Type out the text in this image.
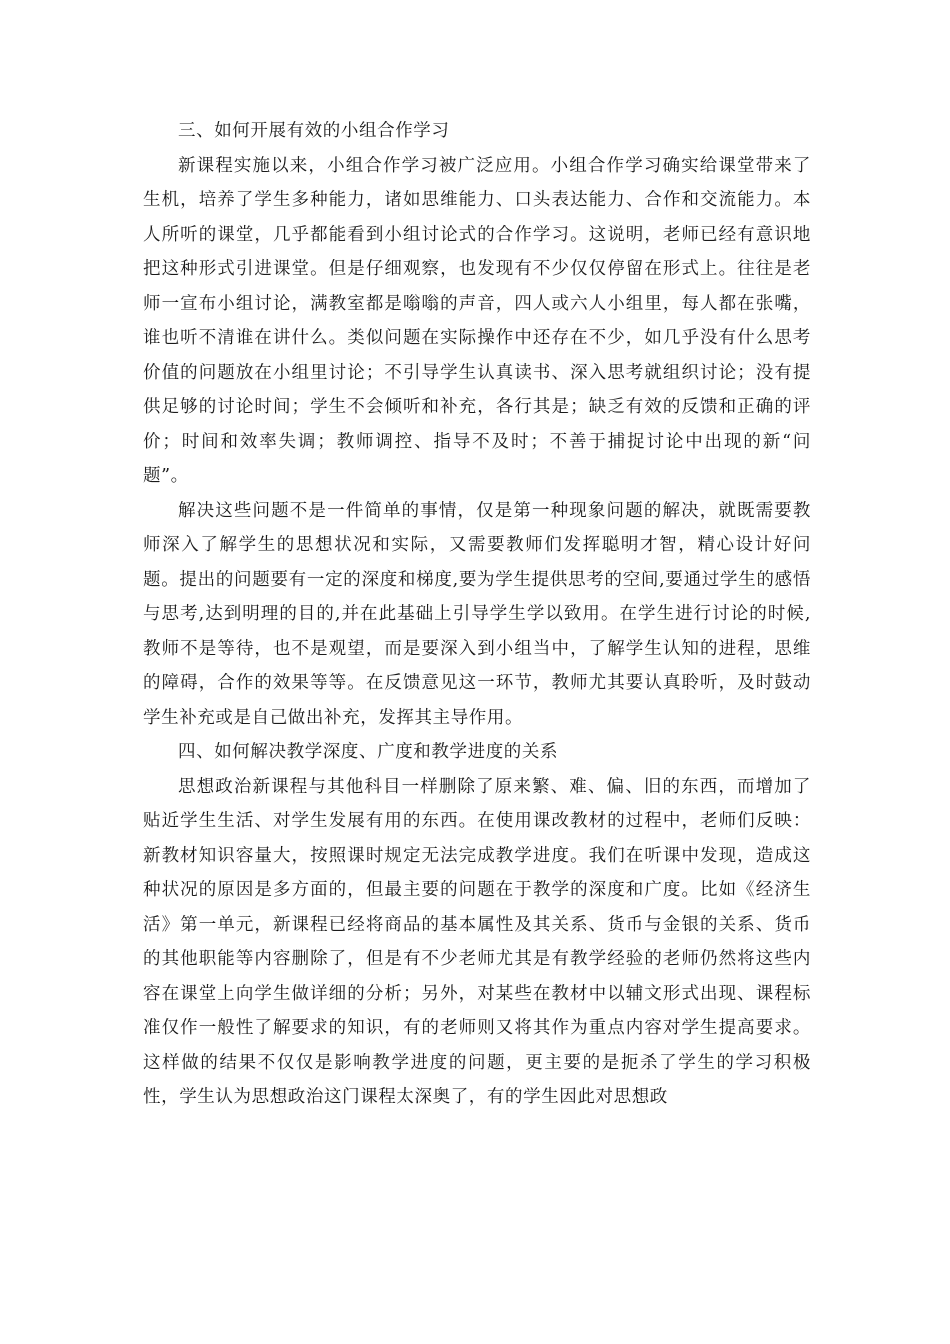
三、如何开展有效的小组合作学习

新课程实施以来，小组合作学习被广泛应用。小组合作学习确实给课堂带来了生机，培养了学生多种能力，诸如思维能力、口头表达能力、合作和交流能力。本人所听的课堂，几乎都能看到小组讨论式的合作学习。这说明，老师已经有意识地把这种形式引进课堂。但是仔细观察，也发现有不少仅仅停留在形式上。往往是老师一宣布小组讨论，满教室都是嗡嗡的声音，四人或六人小组里，每人都在张嘴，谁也听不清谁在讲什么。类似问题在实际操作中还存在不少，如几乎没有什么思考价值的问题放在小组里讨论；不引导学生认真读书、深入思考就组织讨论；没有提供足够的讨论时间；学生不会倾听和补充，各行其是；缺乏有效的反馈和正确的评价；时间和效率失调；教师调控、指导不及时；不善于捕捉讨论中出现的新“问题”。

解决这些问题不是一件简单的事情，仅是第一种现象问题的解决，就既需要教师深入了解学生的思想状况和实际，又需要教师们发挥聪明才智，精心设计好问题。提出的问题要有一定的深度和梯度,要为学生提供思考的空间,要通过学生的感悟与思考,达到明理的目的,并在此基础上引导学生学以致用。在学生进行讨论的时候,教师不是等待，也不是观望，而是要深入到小组当中，了解学生认知的进程，思维的障碍，合作的效果等等。在反馈意见这一环节，教师尤其要认真聆听，及时鼓动学生补充或是自己做出补充，发挥其主导作用。

四、如何解决教学深度、广度和教学进度的关系

思想政治新课程与其他科目一样删除了原来繁、难、偏、旧的东西，而增加了贴近学生生活、对学生发展有用的东西。在使用课改教材的过程中，老师们反映：新教材知识容量大，按照课时规定无法完成教学进度。我们在听课中发现，造成这种状况的原因是多方面的，但最主要的问题在于教学的深度和广度。比如《经济生活》第一单元，新课程已经将商品的基本属性及其关系、货币与金银的关系、货币的其他职能等内容删除了，但是有不少老师尤其是有教学经验的老师仍然将这些内容在课堂上向学生做详细的分析；另外，对某些在教材中以辅文形式出现、课程标准仅作一般性了解要求的知识，有的老师则又将其作为重点内容对学生提高要求。这样做的结果不仅仅是影响教学进度的问题，更主要的是扼杀了学生的学习积极性，学生认为思想政治这门课程太深奥了，有的学生因此对思想政
